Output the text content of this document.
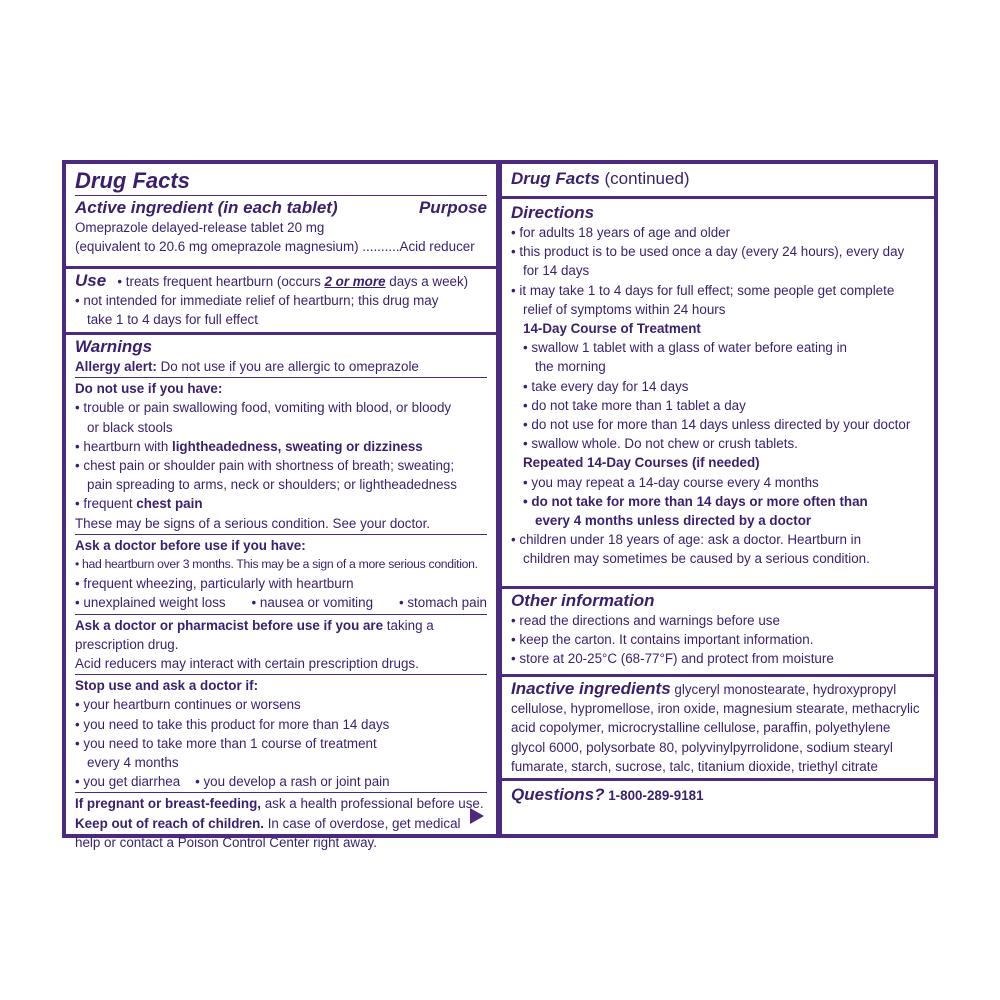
Drug Facts
Active ingredient (in each tablet)	Purpose
Omeprazole delayed-release tablet 20 mg
(equivalent to 20.6 mg omeprazole magnesium) ..........Acid reducer
Use • treats frequent heartburn (occurs 2 or more days a week)
• not intended for immediate relief of heartburn; this drug may
take 1 to 4 days for full effect
Warnings
Allergy alert: Do not use if you are allergic to omeprazole
Do not use if you have:
• trouble or pain swallowing food, vomiting with blood, or bloody
or black stools
• heartburn with lightheadedness, sweating or dizziness
• chest pain or shoulder pain with shortness of breath; sweating;
pain spreading to arms, neck or shoulders; or lightheadedness
• frequent chest pain
These may be signs of a serious condition. See your doctor.
Ask a doctor before use if you have:
• had heartburn over 3 months. This may be a sign of a more serious condition.
• frequent wheezing, particularly with heartburn
• unexplained weight loss • nausea or vomiting • stomach pain
Ask a doctor or pharmacist before use if you are taking a
prescription drug.
Acid reducers may interact with certain prescription drugs.
Stop use and ask a doctor if:
• your heartburn continues or worsens
• you need to take this product for more than 14 days
• you need to take more than 1 course of treatment
every 4 months
• you get diarrhea • you develop a rash or joint pain
If pregnant or breast-feeding, ask a health professional before use.
Keep out of reach of children. In case of overdose, get medical
help or contact a Poison Control Center right away.
Drug Facts (continued)
Directions
• for adults 18 years of age and older
• this product is to be used once a day (every 24 hours), every day
for 14 days
• it may take 1 to 4 days for full effect; some people get complete
relief of symptoms within 24 hours
14-Day Course of Treatment
• swallow 1 tablet with a glass of water before eating in
the morning
• take every day for 14 days
• do not take more than 1 tablet a day
• do not use for more than 14 days unless directed by your doctor
• swallow whole. Do not chew or crush tablets.
Repeated 14-Day Courses (if needed)
• you may repeat a 14-day course every 4 months
• do not take for more than 14 days or more often than
every 4 months unless directed by a doctor
• children under 18 years of age: ask a doctor. Heartburn in
children may sometimes be caused by a serious condition.
Other information
• read the directions and warnings before use
• keep the carton. It contains important information.
• store at 20-25°C (68-77°F) and protect from moisture
Inactive ingredients glyceryl monostearate, hydroxypropyl
cellulose, hypromellose, iron oxide, magnesium stearate, methacrylic
acid copolymer, microcrystalline cellulose, paraffin, polyethylene
glycol 6000, polysorbate 80, polyvinylpyrrolidone, sodium stearyl
fumarate, starch, sucrose, talc, titanium dioxide, triethyl citrate
Questions? 1-800-289-9181
